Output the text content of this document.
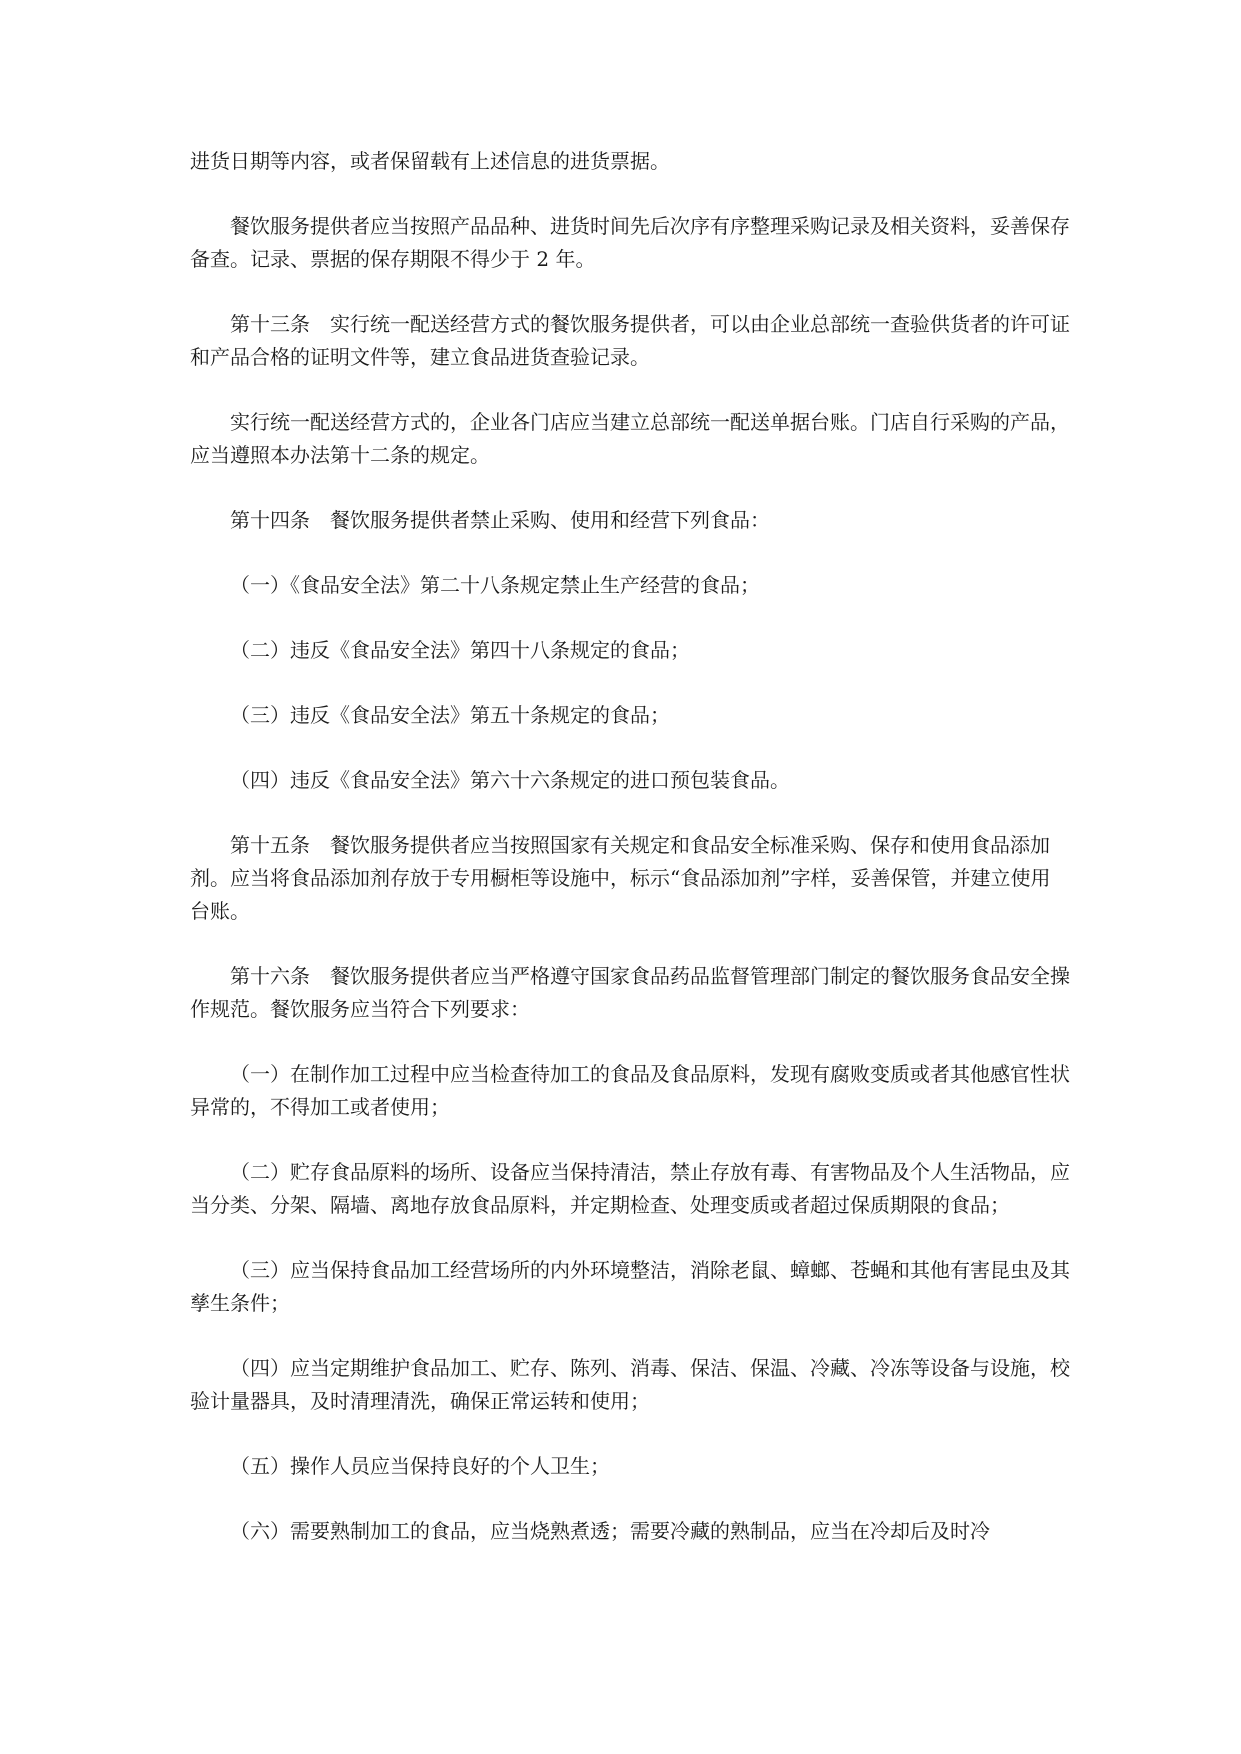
进货日期等内容，或者保留载有上述信息的进货票据。

餐饮服务提供者应当按照产品品种、进货时间先后次序有序整理采购记录及相关资料，妥善保存备查。记录、票据的保存期限不得少于 2 年。

第十三条　实行统一配送经营方式的餐饮服务提供者，可以由企业总部统一查验供货者的许可证和产品合格的证明文件等，建立食品进货查验记录。

实行统一配送经营方式的，企业各门店应当建立总部统一配送单据台账。门店自行采购的产品，应当遵照本办法第十二条的规定。

第十四条　餐饮服务提供者禁止采购、使用和经营下列食品：

（一）《食品安全法》第二十八条规定禁止生产经营的食品；

（二）违反《食品安全法》第四十八条规定的食品；

（三）违反《食品安全法》第五十条规定的食品；

（四）违反《食品安全法》第六十六条规定的进口预包装食品。

第十五条　餐饮服务提供者应当按照国家有关规定和食品安全标准采购、保存和使用食品添加剂。应当将食品添加剂存放于专用橱柜等设施中，标示“食品添加剂”字样，妥善保管，并建立使用台账。

第十六条　餐饮服务提供者应当严格遵守国家食品药品监督管理部门制定的餐饮服务食品安全操作规范。餐饮服务应当符合下列要求：

（一）在制作加工过程中应当检查待加工的食品及食品原料，发现有腐败变质或者其他感官性状异常的，不得加工或者使用；

（二）贮存食品原料的场所、设备应当保持清洁，禁止存放有毒、有害物品及个人生活物品，应当分类、分架、隔墙、离地存放食品原料，并定期检查、处理变质或者超过保质期限的食品；

（三）应当保持食品加工经营场所的内外环境整洁，消除老鼠、蟑螂、苍蝇和其他有害昆虫及其孳生条件；

（四）应当定期维护食品加工、贮存、陈列、消毒、保洁、保温、冷藏、冷冻等设备与设施，校验计量器具，及时清理清洗，确保正常运转和使用；

（五）操作人员应当保持良好的个人卫生；

（六）需要熟制加工的食品，应当烧熟煮透；需要冷藏的熟制品，应当在冷却后及时冷
